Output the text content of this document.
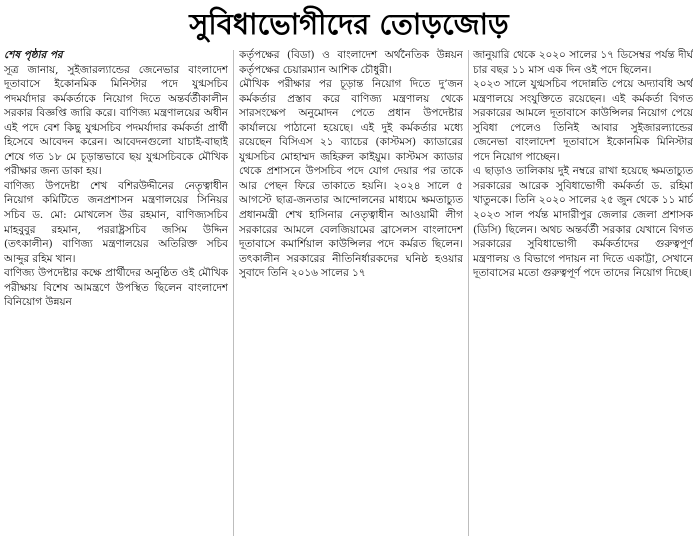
সুবিধাভোগীদের তোড়জোড়

শেষ পৃষ্ঠার পর

সূত্র জানায়, সুইজারল্যান্ডের জেনেভার বাংলাদেশ দূতাবাসে ইকোনমিক মিনিস্টার পদে যুগ্মসচিব পদমর্যাদার কর্মকর্তাকে নিয়োগ দিতে অন্তর্বর্তীকালীন সরকার বিজ্ঞপ্তি জারি করে। বাণিজ্য মন্ত্রণালয়ের অধীন এই পদে বেশ কিছু যুগ্মসচিব পদমর্যাদার কর্মকর্তা প্রার্থী হিসেবে আবেদন করেন। আবেদনগুলো যাচাই-বাছাই শেষে গত ১৮ মে চূড়ান্তভাবে ছয় যুগ্মসচিবকে মৌখিক পরীক্ষার জন্য ডাকা হয়।

বাণিজ্য উপদেষ্টা শেখ বশিরউদ্দীনের নেতৃত্বাধীন নিয়োগ কমিটিতে জনপ্রশাসন মন্ত্রণালয়ের সিনিয়র সচিব ড. মো: মোখলেস উর রহমান, বাণিজ্যসচিব মাহবুবুর রহমান, পররাষ্ট্রসচিব জসিম উদ্দিন (তৎকালীন) বাণিজ্য মন্ত্রণালয়ের অতিরিক্ত সচিব আব্দুর রহিম খান।

বাণিজ্য উপদেষ্টার কক্ষে প্রার্থীদের অনুষ্ঠিত ওই মৌখিক পরীক্ষায় বিশেষ আমন্ত্রণে উপস্থিত ছিলেন বাংলাদেশ বিনিয়োগ উন্নয়ন

কর্তৃপক্ষের (বিডা) ও বাংলাদেশ অর্থনৈতিক উন্নয়ন কর্তৃপক্ষের চেয়ারম্যান আশিক চৌধুরী।

মৌখিক পরীক্ষার পর চূড়ান্ত নিয়োগ দিতে দু’জন কর্মকর্তার প্রস্তাব করে বাণিজ্য মন্ত্রণালয় থেকে সারসংক্ষেপ অনুমোদন পেতে প্রধান উপদেষ্টার কার্যালয়ে পাঠানো হয়েছে। এই দুই কর্মকর্তার মধ্যে রয়েছেন বিসিএস ২১ ব্যাচের (কাস্টমস) ক্যাডারের যুগ্মসচিব মোহাম্মদ জহিরুল কাইয়ুম। কাস্টমস ক্যাডার থেকে প্রশাসনে উপসচিব পদে যোগ দেয়ার পর তাকে আর পেছন ফিরে তাকাতে হয়নি। ২০২৪ সালে ৫ আগস্টে ছাত্র-জনতার আন্দোলনের মাধ্যমে ক্ষমতাচ্যুত প্রধানমন্ত্রী শেখ হাসিনার নেতৃত্বাধীন আওয়ামী লীগ সরকারের আমলে বেলজিয়ামের ব্রাসেলস বাংলাদেশ দূতাবাসে কমার্শিয়াল কাউন্সিলর পদে কর্মরত ছিলেন। তৎকালীন সরকারের নীতিনির্ধারকদের ঘনিষ্ঠ হওয়ার সুবাদে তিনি ২০১৬ সালের ১৭

জানুয়ারি থেকে ২০২০ সালের ১৭ ডিসেম্বর পর্যন্ত দীর্ঘ চার বছর ১১ মাস এক দিন ওই পদে ছিলেন।

২০২৩ সালে যুগ্মসচিব পদোন্নতি পেয়ে অদ্যাবধি অর্থ মন্ত্রণালয়ে সংযুক্তিতে রয়েছেন। এই কর্মকর্তা বিগত সরকারের আমলে দূতাবাসে কাউন্সিলর নিয়োগ পেয়ে সুবিধা পেলেও তিনিই আবার সুইজারল্যান্ডের জেনেভা বাংলাদেশ দূতাবাসে ইকোনমিক মিনিস্টার পদে নিয়োগ পাচ্ছেন।

এ ছাড়াও তালিকায় দুই নম্বরে রাখা হয়েছে ক্ষমতাচ্যুত সরকারের আরেক সুবিধাভোগী কর্মকর্তা ড. রহিমা খাতুনকে। তিনি ২০২০ সালের ২৫ জুন থেকে ১১ মার্চ ২০২৩ সাল পর্যন্ত মাদারীপুর জেলার জেলা প্রশাসক (ডিসি) ছিলেন। অথচ অন্তর্বর্তী সরকার যেখানে বিগত সরকারের সুবিধাভোগী কর্মকর্তাদের গুরুত্বপূর্ণ মন্ত্রণালয় ও বিভাগে পদায়ন না দিতে একাট্টা, সেখানে দূতাবাসের মতো গুরুত্বপূর্ণ পদে তাদের নিয়োগ দিচ্ছে।
